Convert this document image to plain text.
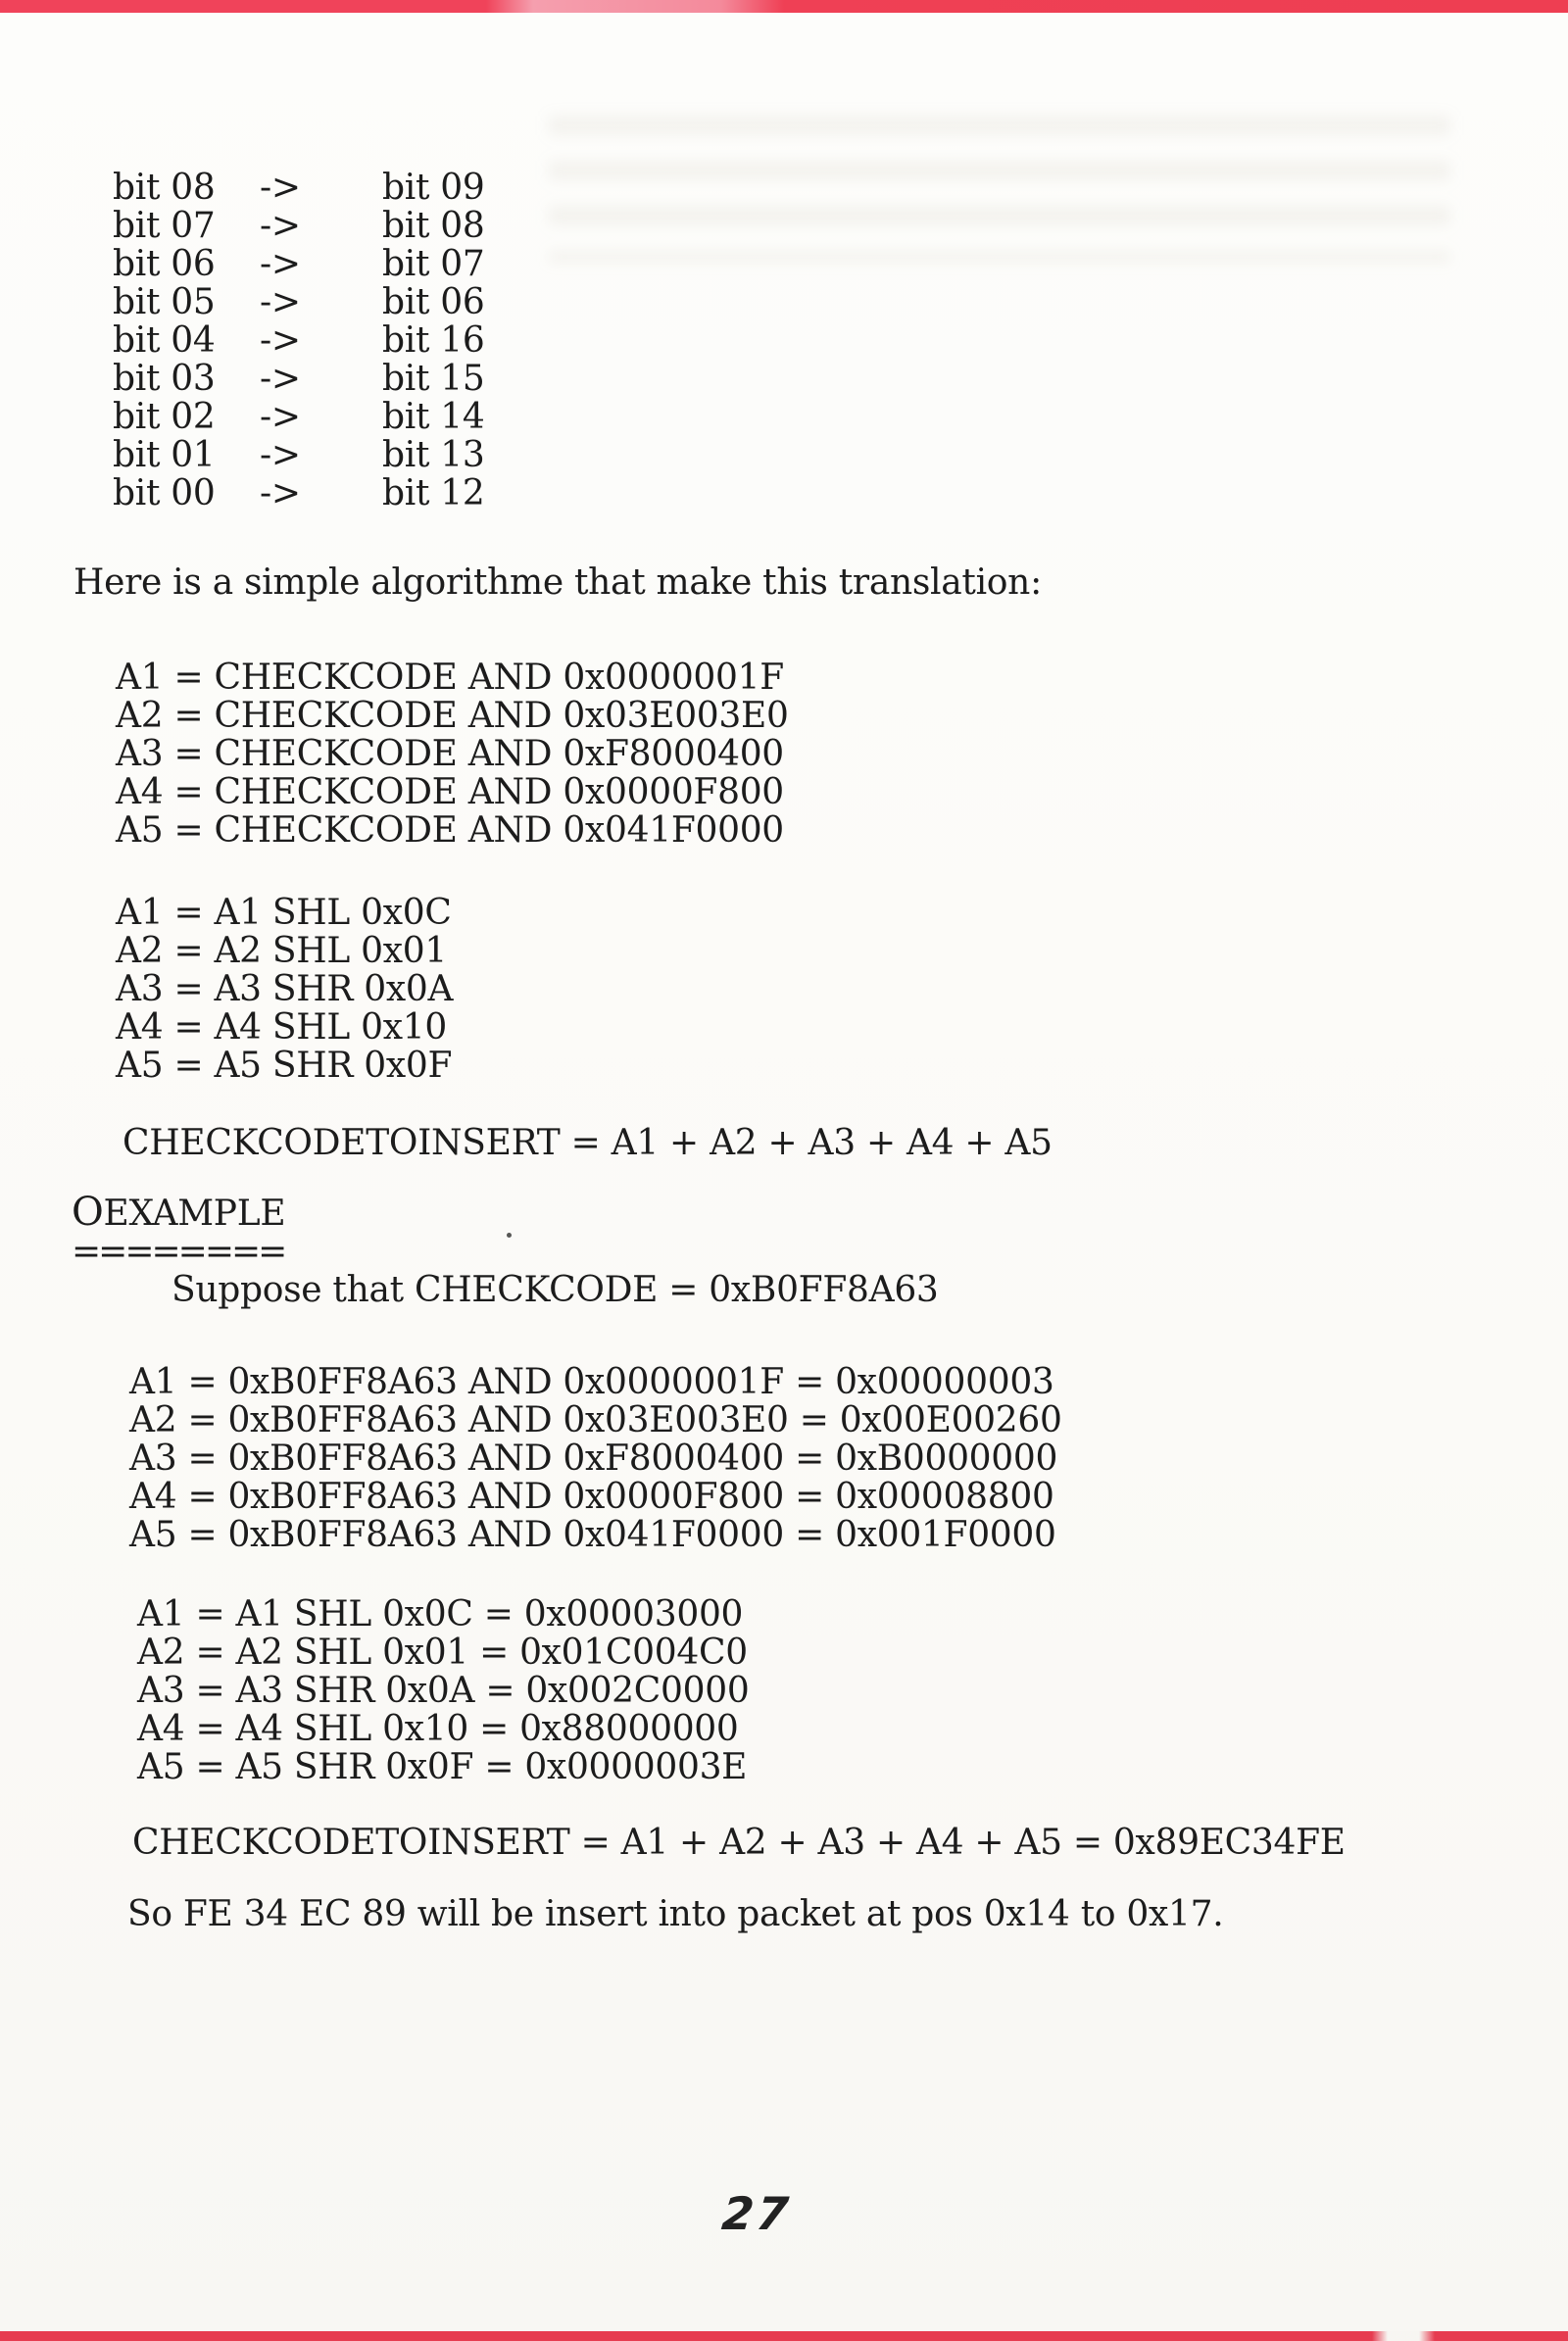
bit 08	->	bit 09
bit 07	->	bit 08
bit 06	->	bit 07
bit 05	->	bit 06
bit 04	->	bit 16
bit 03	->	bit 15
bit 02	->	bit 14
bit 01	->	bit 13
bit 00	->	bit 12

Here is a simple algorithme that make this translation:

A1 = CHECKCODE AND 0x0000001F

A2 = CHECKCODE AND 0x03E003E0

A3 = CHECKCODE AND 0xF8000400

A4 = CHECKCODE AND 0x0000F800

A5 = CHECKCODE AND 0x041F0000

A1 = A1 SHL 0x0C

A2 = A2 SHL 0x01

A3 = A3 SHR 0x0A

A4 = A4 SHL 0x10

A5 = A5 SHR 0x0F

CHECKCODETOINSERT = A1 + A2 + A3 + A4 + A5

O EXAMPLE
========

Suppose that CHECKCODE = 0xB0FF8A63

A1 = 0xB0FF8A63 AND 0x0000001F = 0x00000003

A2 = 0xB0FF8A63 AND 0x03E003E0 = 0x00E00260

A3 = 0xB0FF8A63 AND 0xF8000400 = 0xB0000000

A4 = 0xB0FF8A63 AND 0x0000F800 = 0x00008800

A5 = 0xB0FF8A63 AND 0x041F0000 = 0x001F0000

A1 = A1 SHL 0x0C = 0x00003000

A2 = A2 SHL 0x01 = 0x01C004C0

A3 = A3 SHR 0x0A = 0x002C0000

A4 = A4 SHL 0x10 = 0x88000000

A5 = A5 SHR 0x0F = 0x0000003E

CHECKCODETOINSERT = A1 + A2 + A3 + A4 + A5 = 0x89EC34FE

So FE 34 EC 89 will be insert into packet at pos 0x14 to 0x17.

27
